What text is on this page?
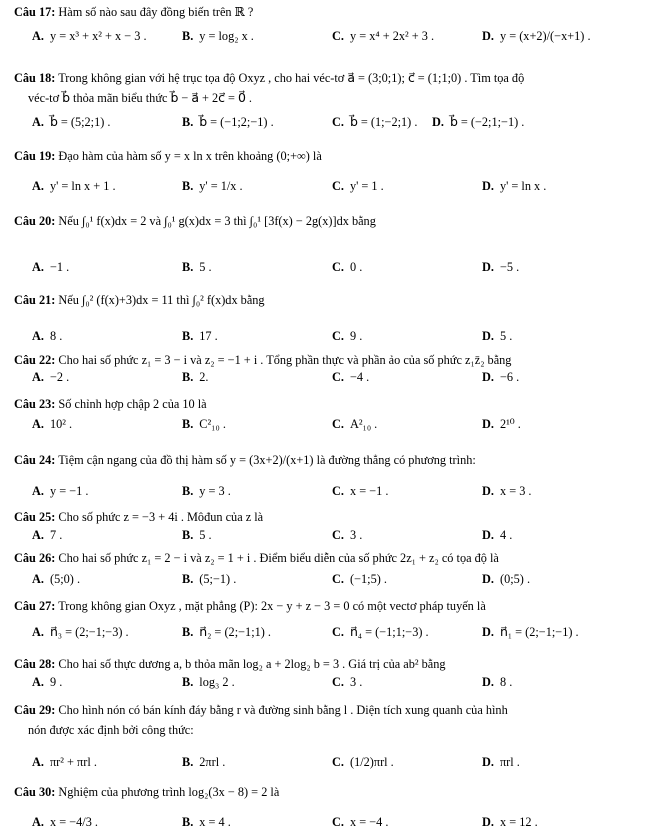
Câu 17: Hàm số nào sau đây đồng biến trên ℝ ?
A. y = x³ + x² + x − 3 .	B. y = log₂ x .	C. y = x⁴ + 2x² + 3 .	D. y = (x+2)/(−x+1) .
Câu 18: Trong không gian với hệ trục tọa độ Oxyz , cho hai véc-tơ a⃗ = (3;0;1); c⃗ = (1;1;0) . Tìm tọa độ
véc-tơ b⃗ thỏa mãn biểu thức b⃗ − a⃗ + 2c⃗ = 0⃗ .
A. b⃗ = (5;2;1) .	B. b⃗ = (−1;2;−1) .	C. b⃗ = (1;−2;1) . D. b⃗ = (−2;1;−1) .
Câu 19: Đạo hàm của hàm số y = x ln x trên khoảng (0;+∞) là
A. y' = ln x + 1 .	B. y' = 1/x .	C. y' = 1 .	D. y' = ln x .
Câu 20: Nếu ∫₀¹ f(x)dx = 2 và ∫₀¹ g(x)dx = 3 thì ∫₀¹ [3f(x) − 2g(x)]dx bằng
A. −1 .	B. 5 .	C. 0 .	D. −5 .
Câu 21: Nếu ∫₀² (f(x)+3)dx = 11 thì ∫₀² f(x)dx bằng
A. 8 .	B. 17 .	C. 9 .	D. 5 .
Câu 22: Cho hai số phức z₁ = 3 − i và z₂ = −1 + i . Tổng phần thực và phần ảo của số phức z₁z̄₂ bằng
A. −2 .	B. 2.	C. −4 .	D. −6 .
Câu 23: Số chỉnh hợp chập 2 của 10 là
A. 10² .	B. C²₁₀ .	C. A²₁₀ .	D. 2¹⁰ .
Câu 24: Tiệm cận ngang của đồ thị hàm số y = (3x+2)/(x+1) là đường thẳng có phương trình:
A. y = −1 .	B. y = 3 .	C. x = −1 .	D. x = 3 .
Câu 25: Cho số phức z = −3 + 4i . Môđun của z là
A. 7 .	B. 5 .	C. 3 .	D. 4 .
Câu 26: Cho hai số phức z₁ = 2 − i và z₂ = 1 + i . Điểm biểu diễn của số phức 2z₁ + z₂ có tọa độ là
A. (5;0) .	B. (5;−1) .	C. (−1;5) .	D. (0;5) .
Câu 27: Trong không gian Oxyz , mặt phẳng (P): 2x − y + z − 3 = 0 có một vectơ pháp tuyến là
A. n⃗₃ = (2;−1;−3) .	B. n⃗₂ = (2;−1;1) .	C. n⃗₄ = (−1;1;−3) .	D. n⃗₁ = (2;−1;−1) .
Câu 28: Cho hai số thực dương a, b thỏa mãn log₂ a + 2log₂ b = 3 . Giá trị của ab² bằng
A. 9 .	B. log₃ 2 .	C. 3 .	D. 8 .
Câu 29: Cho hình nón có bán kính đáy bằng r và đường sinh bằng l . Diện tích xung quanh của hình
nón được xác định bởi công thức:
A. πr² + πrl .	B. 2πrl .	C. (1/2)πrl .	D. πrl .
Câu 30: Nghiệm của phương trình log₂(3x − 8) = 2 là
A. x = −4/3 .	B. x = 4 .	C. x = −4 .	D. x = 12 .
